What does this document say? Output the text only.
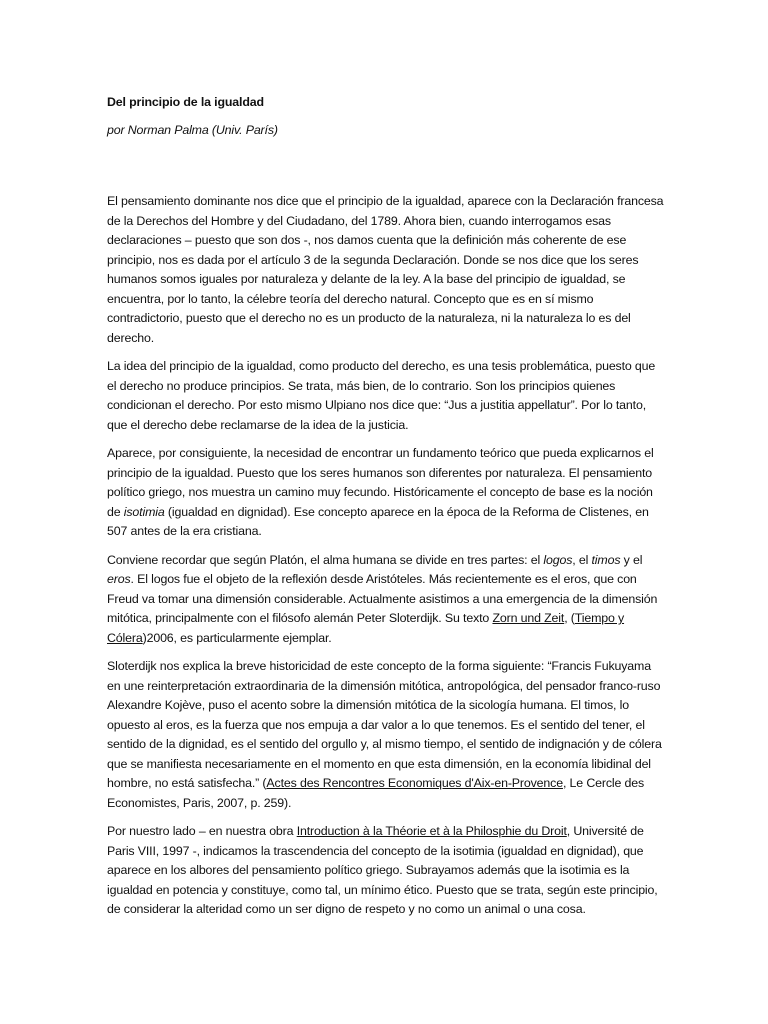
Del principio de la igualdad
por Norman Palma (Univ. París)

El pensamiento dominante nos dice que el principio de la igualdad, aparece con la Declaración francesa de la Derechos del Hombre y del Ciudadano, del 1789. Ahora bien, cuando interrogamos esas declaraciones – puesto que son dos -, nos damos cuenta que la definición más coherente de ese principio, nos es dada por el artículo 3 de la segunda Declaración. Donde se nos dice que los seres humanos somos iguales por naturaleza y delante de la ley. A la base del principio de igualdad, se encuentra, por lo tanto, la célebre teoría del derecho natural. Concepto que es en sí mismo contradictorio, puesto que el derecho no es un producto de la naturaleza, ni la naturaleza lo es del derecho.

La idea del principio de la igualdad, como producto del derecho, es una tesis problemática, puesto que el derecho no produce principios. Se trata, más bien, de lo contrario. Son los principios quienes condicionan el derecho. Por esto mismo Ulpiano nos dice que: “Jus a justitia appellatur”. Por lo tanto, que el derecho debe reclamarse de la idea de la justicia.

Aparece, por consiguiente, la necesidad de encontrar un fundamento teórico que pueda explicarnos el principio de la igualdad. Puesto que los seres humanos son diferentes por naturaleza. El pensamiento político griego, nos muestra un camino muy fecundo. Históricamente el concepto de base es la noción de isotimia (igualdad en dignidad). Ese concepto aparece en la época de la Reforma de Clistenes, en 507 antes de la era cristiana.

Conviene recordar que según Platón, el alma humana se divide en tres partes: el logos, el timos y el eros. El logos fue el objeto de la reflexión desde Aristóteles. Más recientemente es el eros, que con Freud va tomar una dimensión considerable. Actualmente asistimos a una emergencia de la dimensión mitótica, principalmente con el filósofo alemán Peter Sloterdijk. Su texto Zorn und Zeit, (Tiempo y Cólera)2006, es particularmente ejemplar.

Sloterdijk nos explica la breve historicidad de este concepto de la forma siguiente: “Francis Fukuyama en une reinterpretación extraordinaria de la dimensión mitótica, antropológica, del pensador franco-ruso Alexandre Kojève, puso el acento sobre la dimensión mitótica de la sicología humana. El timos, lo opuesto al eros, es la fuerza que nos empuja a dar valor a lo que tenemos. Es el sentido del tener, el sentido de la dignidad, es el sentido del orgullo y, al mismo tiempo, el sentido de indignación y de cólera que se manifiesta necesariamente en el momento en que esta dimensión, en la economía libidinal del hombre, no está satisfecha.” (Actes des Rencontres Economiques d'Aix-en-Provence, Le Cercle des Economistes, Paris, 2007, p. 259).

Por nuestro lado – en nuestra obra Introduction à la Théorie et à la Philosphie du Droit, Université de Paris VIII, 1997 -, indicamos la trascendencia del concepto de la isotimia (igualdad en dignidad), que aparece en los albores del pensamiento político griego. Subrayamos además que la isotimia es la igualdad en potencia y constituye, como tal, un mínimo ético. Puesto que se trata, según este principio, de considerar la alteridad como un ser digno de respeto y no como un animal o una cosa.
